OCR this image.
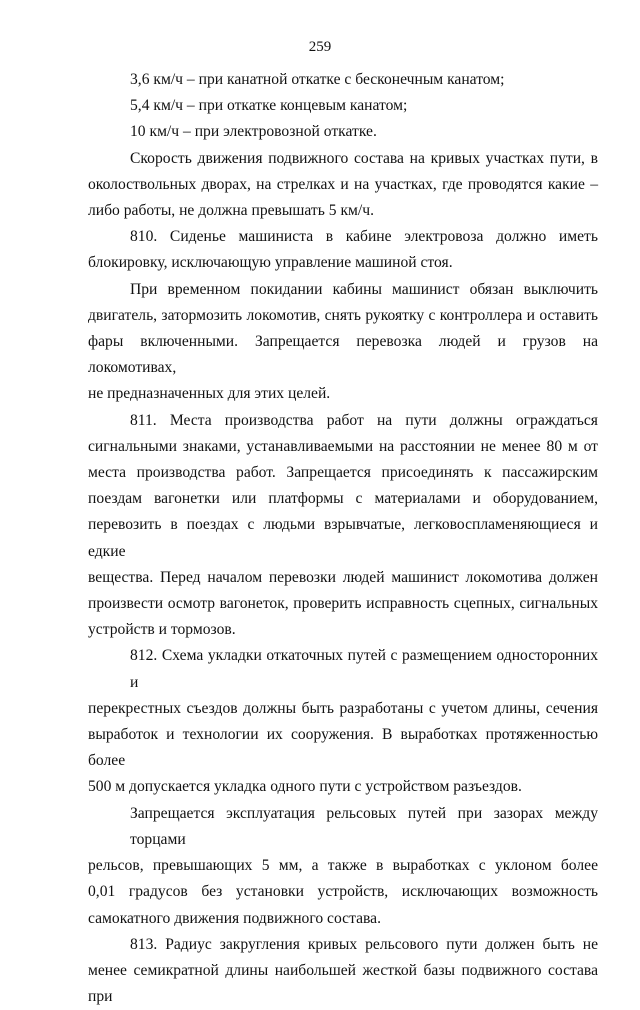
259
3,6 км/ч – при канатной откатке с бесконечным канатом;
5,4 км/ч – при откатке концевым канатом;
10 км/ч – при электровозной откатке.
Скорость движения подвижного состава на кривых участках пути, в
околоствольных дворах, на стрелках и на участках, где проводятся какие –
либо работы, не должна превышать 5 км/ч.
810. Сиденье машиниста в кабине электровоза должно иметь
блокировку, исключающую управление машиной стоя.
При временном покидании кабины машинист обязан выключить
двигатель, затормозить локомотив, снять рукоятку с контроллера и оставить
фары включенными. Запрещается перевозка людей и грузов на локомотивах,
не предназначенных для этих целей.
811. Места производства работ на пути должны ограждаться
сигнальными знаками, устанавливаемыми на расстоянии не менее 80 м от
места производства работ. Запрещается присоединять к пассажирским
поездам вагонетки или платформы с материалами и оборудованием,
перевозить в поездах с людьми взрывчатые, легковоспламеняющиеся и едкие
вещества. Перед началом перевозки людей машинист локомотива должен
произвести осмотр вагонеток, проверить исправность сцепных, сигнальных
устройств и тормозов.
812. Схема укладки откаточных путей с размещением односторонних и
перекрестных съездов должны быть разработаны с учетом длины, сечения
выработок и технологии их сооружения. В выработках протяженностью более
500 м допускается укладка одного пути с устройством разъездов.
Запрещается эксплуатация рельсовых путей при зазорах между торцами
рельсов, превышающих 5 мм, а также в выработках с уклоном более
0,01 градусов без установки устройств, исключающих возможность
самокатного движения подвижного состава.
813. Радиус закругления кривых рельсового пути должен быть не
менее семикратной длины наибольшей жесткой базы подвижного состава при
